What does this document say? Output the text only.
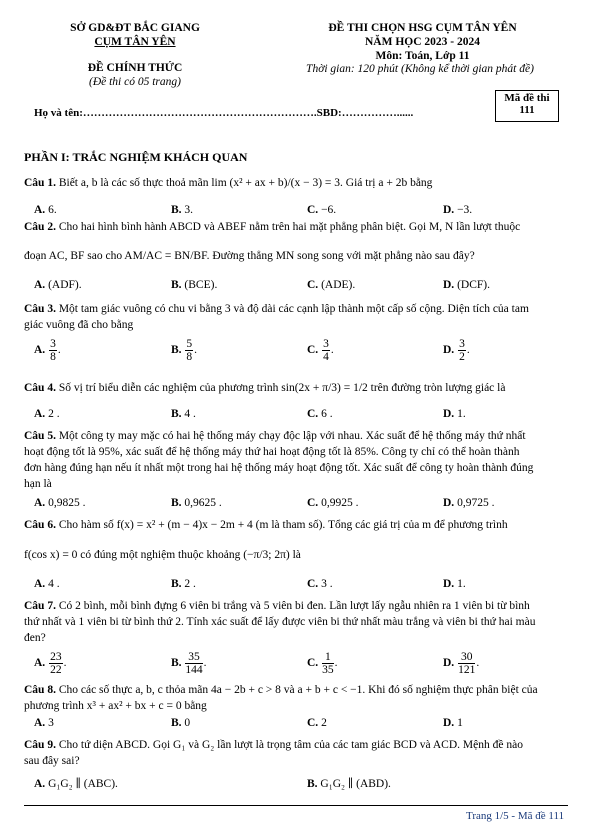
SỞ GD&ĐT BẮC GIANG
CỤM TÂN YÊN
ĐỀ CHÍNH THỨC
(Đề thi có 05 trang)
ĐỀ THI CHỌN HSG CỤM TÂN YÊN
NĂM HỌC 2023 - 2024
Môn: Toán, Lớp 11
Thời gian: 120 phút (Không kể thời gian phát đề)
Mã đề thi
111
Họ và tên:……………………………………………………….SBD:……………......
PHẦN I: TRẮC NGHIỆM KHÁCH QUAN
Câu 1. Biết a, b là các số thực thoả mãn lim (x² + ax + b)/(x − 3) = 3. Giá trị a + 2b bằng
A. 6.	B. 3.	C. −6.	D. −3.
Câu 2. Cho hai hình bình hành ABCD và ABEF nằm trên hai mặt phẳng phân biệt. Gọi M, N lần lượt thuộc
đoạn AC, BF sao cho AM/AC = BN/BF. Đường thẳng MN song song với mặt phẳng nào sau đây?
A. (ADF).	B. (BCE).	C. (ADE).	D. (DCF).
Câu 3. Một tam giác vuông có chu vi bằng 3 và độ dài các cạnh lập thành một cấp số cộng. Diện tích của tam
giác vuông đã cho bằng
A. $\frac{3}{8}$ .	B. $\frac{5}{8}$ .	C. $\frac{3}{4}$ .	D. $\frac{3}{2}$ .
Câu 4. Số vị trí biểu diễn các nghiệm của phương trình sin(2x + π/3) = 1/2 trên đường tròn lượng giác là
A. 2 .	B. 4 .	C. 6 .	D. 1.
Câu 5. Một công ty may mặc có hai hệ thống máy chạy độc lập với nhau. Xác suất để hệ thống máy thứ nhất
hoạt động tốt là 95%, xác suất để hệ thống máy thứ hai hoạt động tốt là 85%. Công ty chỉ có thể hoàn thành
đơn hàng đúng hạn nếu ít nhất một trong hai hệ thống máy hoạt động tốt. Xác suất để công ty hoàn thành đúng
hạn là
A. 0,9825 .	B. 0,9625 .	C. 0,9925 .	D. 0,9725 .
Câu 6. Cho hàm số f(x) = x² + (m − 4)x − 2m + 4 (m là tham số). Tổng các giá trị của m để phương trình
f(cos x) = 0 có đúng một nghiệm thuộc khoảng (−π/3; 2π) là
A. 4 .	B. 2 .	C. 3 .	D. 1.
Câu 7. Có 2 bình, mỗi bình đựng 6 viên bi trắng và 5 viên bi đen. Lần lượt lấy ngẫu nhiên ra 1 viên bi từ bình
thứ nhất và 1 viên bi từ bình thứ 2. Tính xác suất để lấy được viên bi thứ nhất màu trắng và viên bi thứ hai màu
đen?
A. $\frac{23}{22}$ .	B. $\frac{35}{144}$ .	C. $\frac{1}{35}$ .	D. $\frac{30}{121}$ .
Câu 8. Cho các số thực a, b, c thỏa mãn 4a − 2b + c > 8 và a + b + c < −1. Khi đó số nghiệm thực phân biệt của
phương trình x³ + ax² + bx + c = 0 bằng
A. 3	B. 0	C. 2	D. 1
Câu 9. Cho tứ diện ABCD. Gọi G₁ và G₂ lần lượt là trọng tâm của các tam giác BCD và ACD. Mệnh đề nào
sau đây sai?
A. G₁G₂ ∥ (ABC).	B. G₁G₂ ∥ (ABD).
Trang 1/5 - Mã đề 111
